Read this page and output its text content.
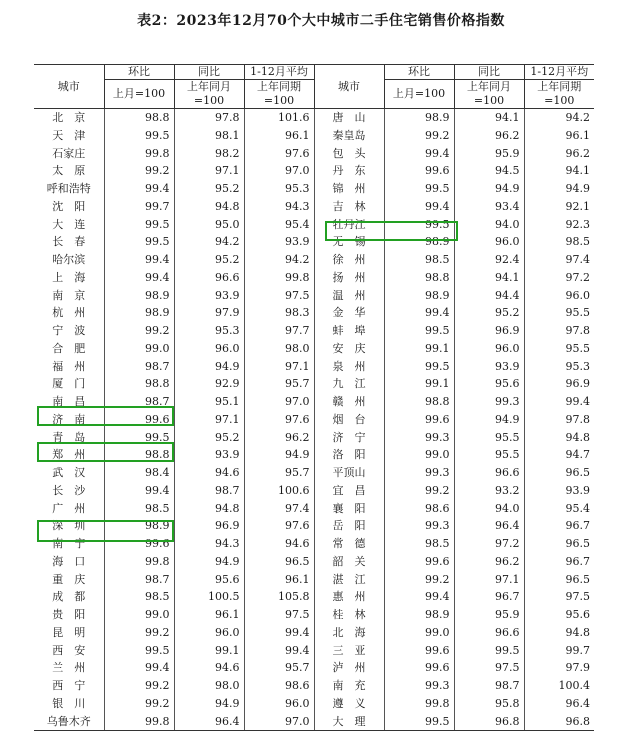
表2：2023年12月70个大中城市二手住宅销售价格指数
城市	环比	同比	1-12月平均	城市	环比	同比	1-12月平均
	上月=100	上年同月=100	上年同期=100		上月=100	上年同月=100	上年同期=100
北　京	98.8	97.8	101.6	唐　山	98.9	94.1	94.2
天　津	99.5	98.1	96.1	秦皇岛	99.2	96.2	96.1
石家庄	99.8	98.2	97.6	包　头	99.4	95.9	96.2
太　原	99.2	97.1	97.0	丹　东	99.6	94.5	94.1
呼和浩特	99.4	95.2	95.3	锦　州	99.5	94.9	94.9
沈　阳	99.7	94.8	94.3	吉　林	99.4	93.4	92.1
大　连	99.5	95.0	95.4	牡丹江	99.5	94.0	92.3
长　春	99.5	94.2	93.9	无　锡	98.9	96.0	98.5
哈尔滨	99.4	95.2	94.2	徐　州	98.5	92.4	97.4
上　海	99.4	96.6	99.8	扬　州	98.8	94.1	97.2
南　京	98.9	93.9	97.5	温　州	98.9	94.4	96.0
杭　州	98.9	97.9	98.3	金　华	99.4	95.2	95.5
宁　波	99.2	95.3	97.7	蚌　埠	99.5	96.9	97.8
合　肥	99.0	96.0	98.0	安　庆	99.1	96.0	95.5
福　州	98.7	94.9	97.1	泉　州	99.5	93.9	95.3
厦　门	98.8	92.9	95.7	九　江	99.1	95.6	96.9
南　昌	98.7	95.1	97.0	赣　州	98.8	99.3	99.4
济　南	99.6	97.1	97.6	烟　台	99.6	94.9	97.8
青　岛	99.5	95.2	96.2	济　宁	99.3	95.5	94.8
郑　州	98.8	93.9	94.9	洛　阳	99.0	95.5	94.7
武　汉	98.4	94.6	95.7	平顶山	99.3	96.6	96.5
长　沙	99.4	98.7	100.6	宜　昌	99.2	93.2	93.9
广　州	98.5	94.8	97.4	襄　阳	98.6	94.0	95.4
深　圳	98.9	96.9	97.6	岳　阳	99.3	96.4	96.7
南　宁	99.6	94.3	94.6	常　德	98.5	97.2	96.5
海　口	99.8	94.9	96.5	韶　关	99.6	96.2	96.7
重　庆	98.7	95.6	96.1	湛　江	99.2	97.1	96.5
成　都	98.5	100.5	105.8	惠　州	99.4	96.7	97.5
贵　阳	99.0	96.1	97.5	桂　林	98.9	95.9	95.6
昆　明	99.2	96.0	99.4	北　海	99.0	96.6	94.8
西　安	99.5	99.1	99.4	三　亚	99.6	99.5	99.7
兰　州	99.4	94.6	95.7	泸　州	99.6	97.5	97.9
西　宁	99.2	98.0	98.6	南　充	99.3	98.7	100.4
银　川	99.2	94.9	96.0	遵　义	99.8	95.8	96.4
乌鲁木齐	99.8	96.4	97.0	大　理	99.5	96.8	96.8
